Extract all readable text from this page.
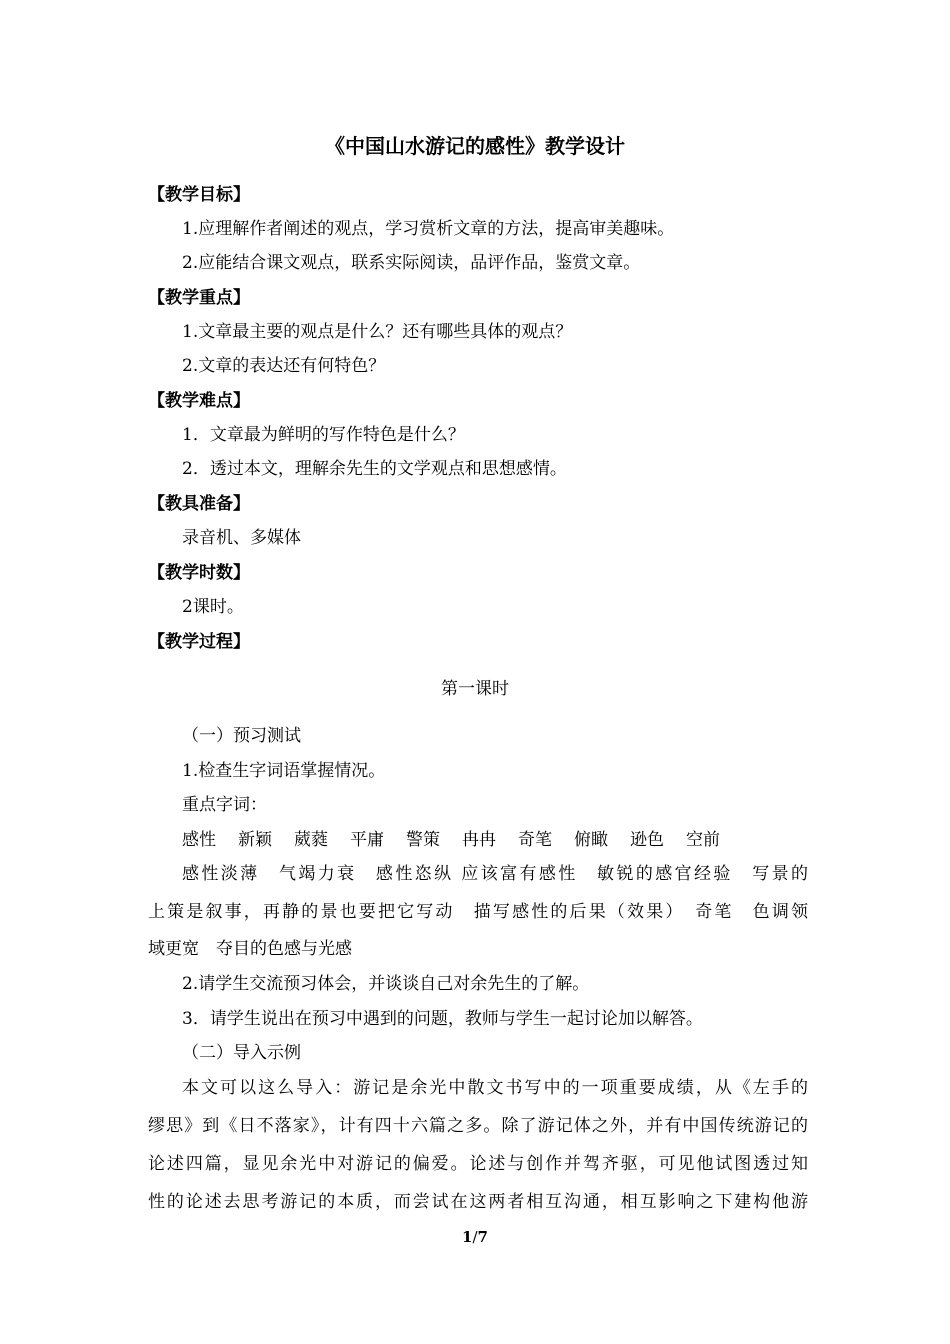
《中国山水游记的感性》教学设计
【教学目标】
1.应理解作者阐述的观点，学习赏析文章的方法，提高审美趣味。
2.应能结合课文观点，联系实际阅读，品评作品，鉴赏文章。
【教学重点】
1.文章最主要的观点是什么？还有哪些具体的观点？
2.文章的表达还有何特色？
【教学难点】
1．文章最为鲜明的写作特色是什么？
2．透过本文，理解余先生的文学观点和思想感情。
【教具准备】
录音机、多媒体
【教学时数】
2课时。
【教学过程】
第一课时
（一）预习测试
1.检查生字词语掌握情况。
重点字词：
感性 新颖 葳蕤 平庸 警策 冉冉 奇笔 俯瞰 逊色 空前
感性淡薄　气竭力衰　感性恣纵 应该富有感性　敏锐的感官经验　写景的
上策是叙事，再静的景也要把它写动　描写感性的后果（效果）　奇笔　色调领
域更宽　夺目的色感与光感
2.请学生交流预习体会，并谈谈自己对余先生的了解。
3．请学生说出在预习中遇到的问题，教师与学生一起讨论加以解答。
（二）导入示例
本文可以这么导入：游记是余光中散文书写中的一项重要成绩，从《左手的
缪思》到《日不落家》，计有四十六篇之多。除了游记体之外，并有中国传统游记的
论述四篇，显见余光中对游记的偏爱。论述与创作并驾齐驱，可见他试图透过知
性的论述去思考游记的本质，而尝试在这两者相互沟通，相互影响之下建构他游
1/7
